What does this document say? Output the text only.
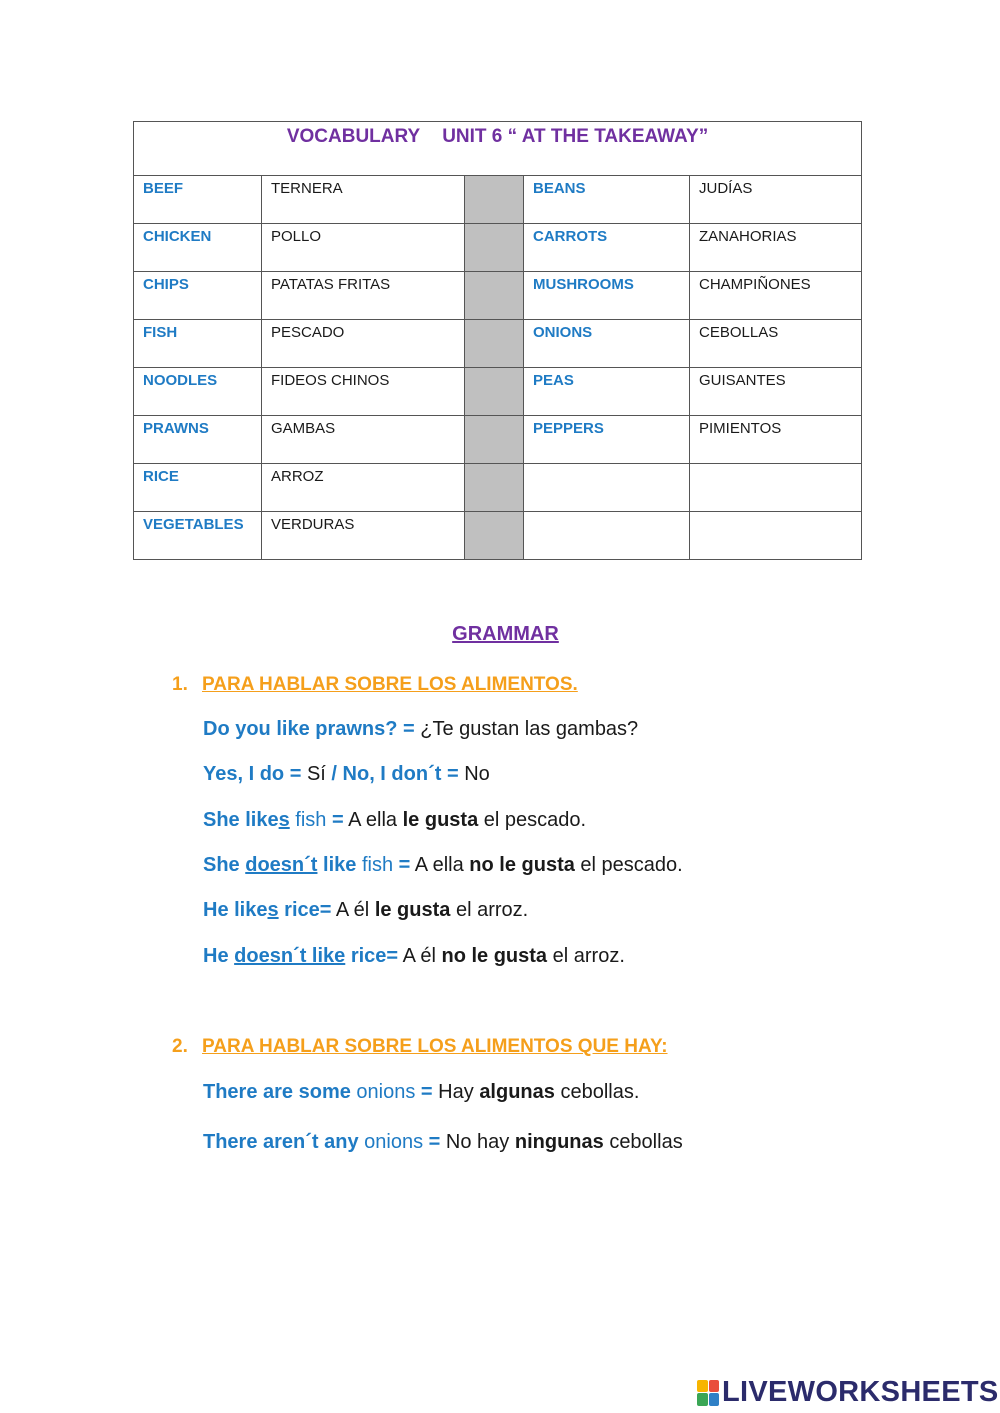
VOCABULARY UNIT 6 “ AT THE TAKEAWAY”				
BEEF	TERNERA		BEANS	JUDÍAS
CHICKEN	POLLO		CARROTS	ZANAHORIAS
CHIPS	PATATAS FRITAS		MUSHROOMS	CHAMPIÑONES
FISH	PESCADO		ONIONS	CEBOLLAS
NOODLES	FIDEOS CHINOS		PEAS	GUISANTES
PRAWNS	GAMBAS		PEPPERS	PIMIENTOS
RICE	ARROZ			
VEGETABLES	VERDURAS			
GRAMMAR
1. PARA HABLAR SOBRE LOS ALIMENTOS.
Do you like prawns? = ¿Te gustan las gambas?
Yes, I do = Sí / No, I don´t = No
She likes fish = A ella le gusta el pescado.
She doesn´t like fish = A ella no le gusta el pescado.
He likes rice= A él le gusta el arroz.
He doesn´t like rice= A él no le gusta el arroz.
2. PARA HABLAR SOBRE LOS ALIMENTOS QUE HAY:
There are some onions = Hay algunas cebollas.
There aren´t any onions = No hay ningunas cebollas
LIVEWORKSHEETS
